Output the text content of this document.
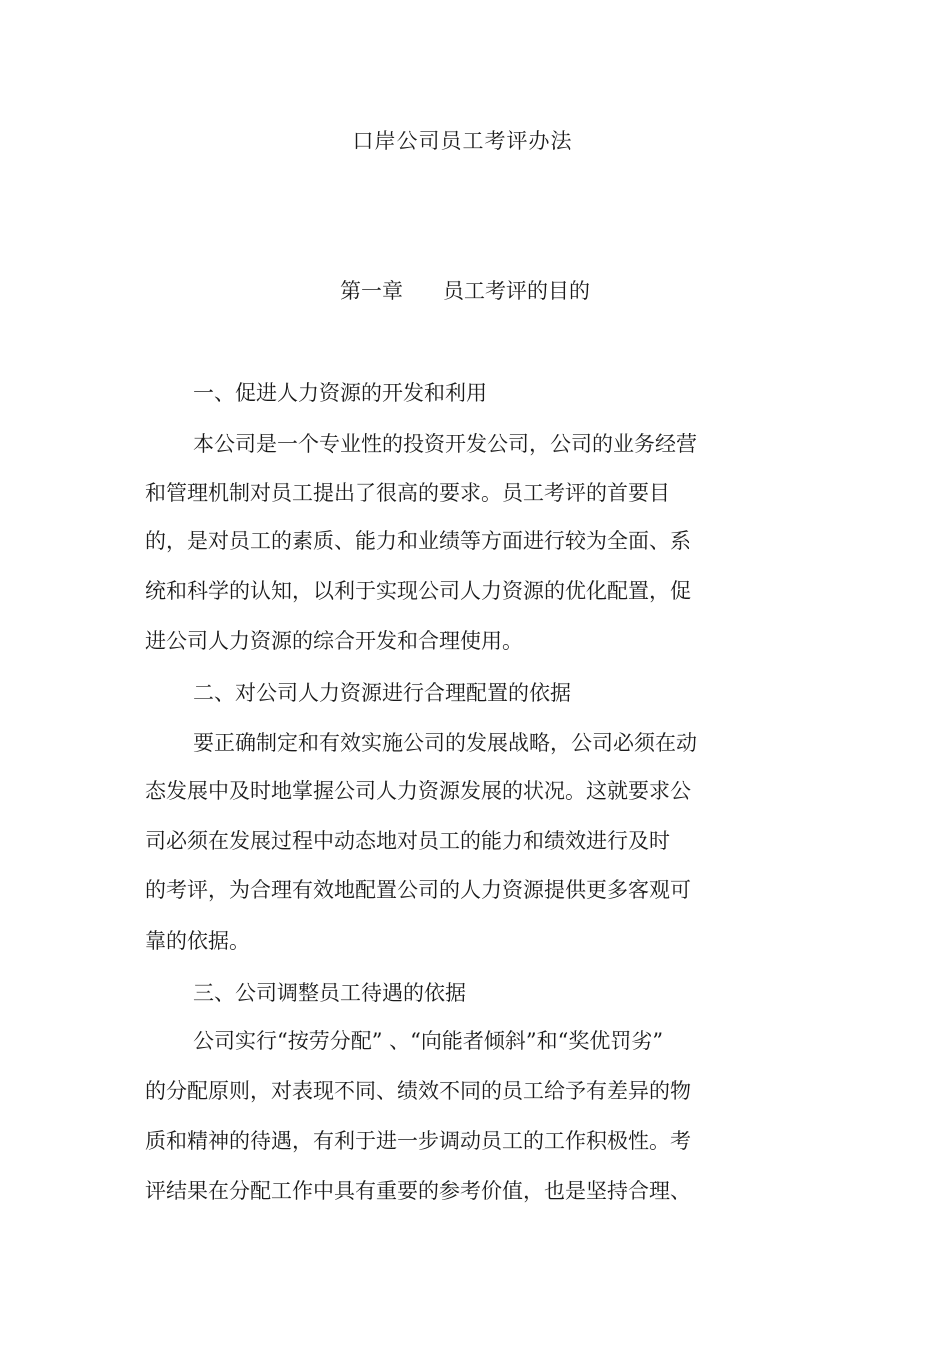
口岸公司员工考评办法
第一章 员工考评的目的

一、促进人力资源的开发和利用

本公司是一个专业性的投资开发公司，公司的业务经营

和管理机制对员工提出了很高的要求。员工考评的首要目

的，是对员工的素质、能力和业绩等方面进行较为全面、系

统和科学的认知，以利于实现公司人力资源的优化配置，促

进公司人力资源的综合开发和合理使用。

二、对公司人力资源进行合理配置的依据

要正确制定和有效实施公司的发展战略，公司必须在动

态发展中及时地掌握公司人力资源发展的状况。这就要求公

司必须在发展过程中动态地对员工的能力和绩效进行及时

的考评，为合理有效地配置公司的人力资源提供更多客观可

靠的依据。

三、公司调整员工待遇的依据

公司实行“按劳分配” 、“向能者倾斜”和“奖优罚劣”

的分配原则，对表现不同、绩效不同的员工给予有差异的物

质和精神的待遇，有利于进一步调动员工的工作积极性。考

评结果在分配工作中具有重要的参考价值，也是坚持合理、
